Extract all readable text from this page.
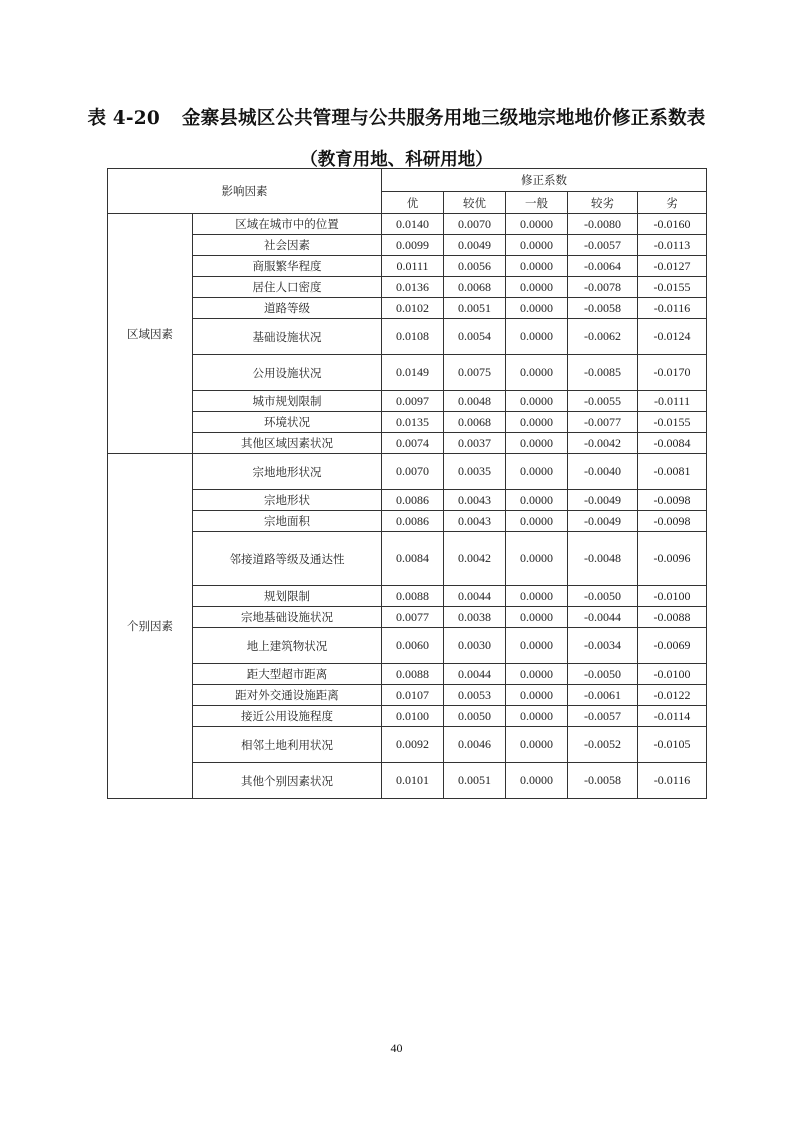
表 4-20 金寨县城区公共管理与公共服务用地三级地宗地地价修正系数表
（教育用地、科研用地）
影响因素		修正系数				
		优	较优	一般	较劣	劣
区域因素	区域在城市中的位置	0.0140	0.0070	0.0000	-0.0080	-0.0160
	社会因素	0.0099	0.0049	0.0000	-0.0057	-0.0113
	商服繁华程度	0.0111	0.0056	0.0000	-0.0064	-0.0127
	居住人口密度	0.0136	0.0068	0.0000	-0.0078	-0.0155
	道路等级	0.0102	0.0051	0.0000	-0.0058	-0.0116
	基础设施状况	0.0108	0.0054	0.0000	-0.0062	-0.0124
	公用设施状况	0.0149	0.0075	0.0000	-0.0085	-0.0170
	城市规划限制	0.0097	0.0048	0.0000	-0.0055	-0.0111
	环境状况	0.0135	0.0068	0.0000	-0.0077	-0.0155
	其他区域因素状况	0.0074	0.0037	0.0000	-0.0042	-0.0084
个别因素	宗地地形状况	0.0070	0.0035	0.0000	-0.0040	-0.0081
	宗地形状	0.0086	0.0043	0.0000	-0.0049	-0.0098
	宗地面积	0.0086	0.0043	0.0000	-0.0049	-0.0098
	邻接道路等级及通达性	0.0084	0.0042	0.0000	-0.0048	-0.0096
	规划限制	0.0088	0.0044	0.0000	-0.0050	-0.0100
	宗地基础设施状况	0.0077	0.0038	0.0000	-0.0044	-0.0088
	地上建筑物状况	0.0060	0.0030	0.0000	-0.0034	-0.0069
	距大型超市距离	0.0088	0.0044	0.0000	-0.0050	-0.0100
	距对外交通设施距离	0.0107	0.0053	0.0000	-0.0061	-0.0122
	接近公用设施程度	0.0100	0.0050	0.0000	-0.0057	-0.0114
	相邻土地利用状况	0.0092	0.0046	0.0000	-0.0052	-0.0105
	其他个别因素状况	0.0101	0.0051	0.0000	-0.0058	-0.0116
40
